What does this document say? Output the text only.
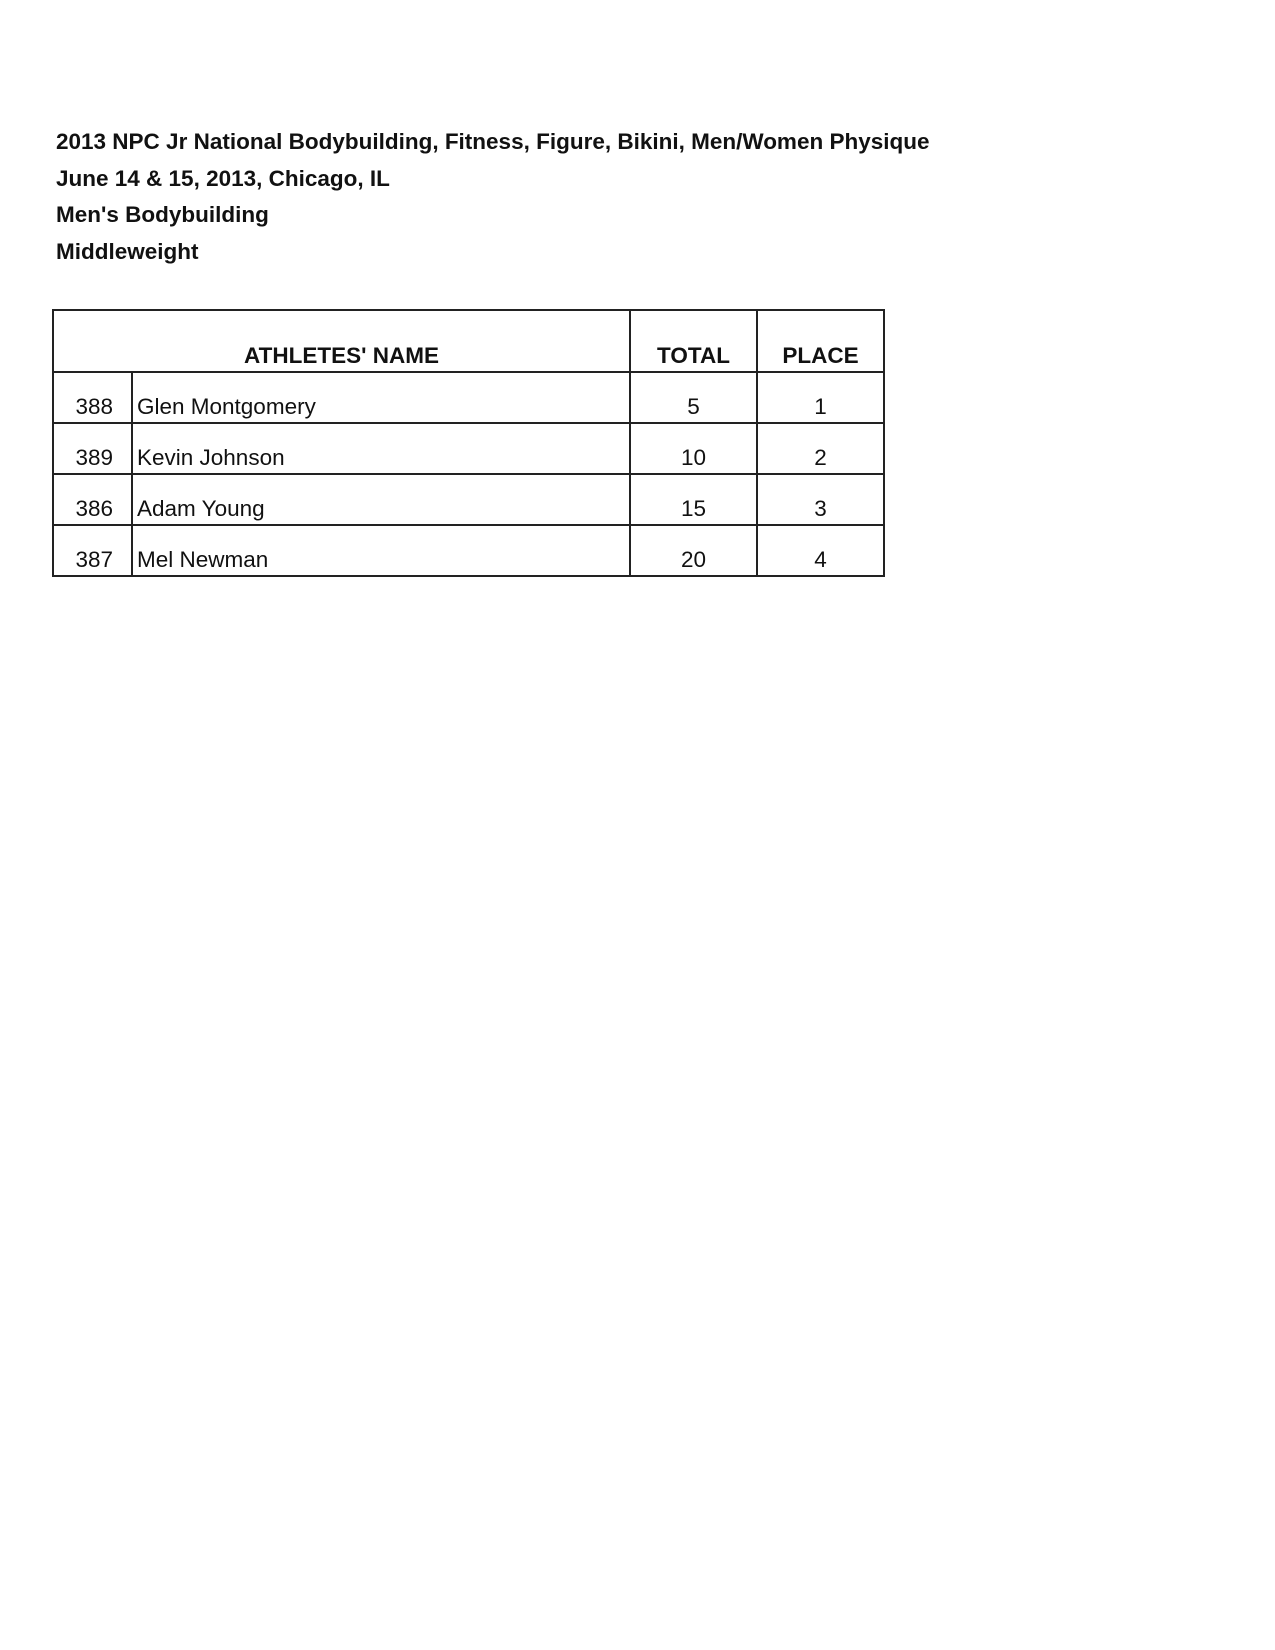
2013 NPC Jr National Bodybuilding, Fitness, Figure, Bikini, Men/Women Physique

June 14 & 15, 2013, Chicago, IL

Men's Bodybuilding

Middleweight

ATHLETES' NAME		TOTAL	PLACE
388	Glen Montgomery	5	1
389	Kevin Johnson	10	2
386	Adam Young	15	3
387	Mel Newman	20	4
